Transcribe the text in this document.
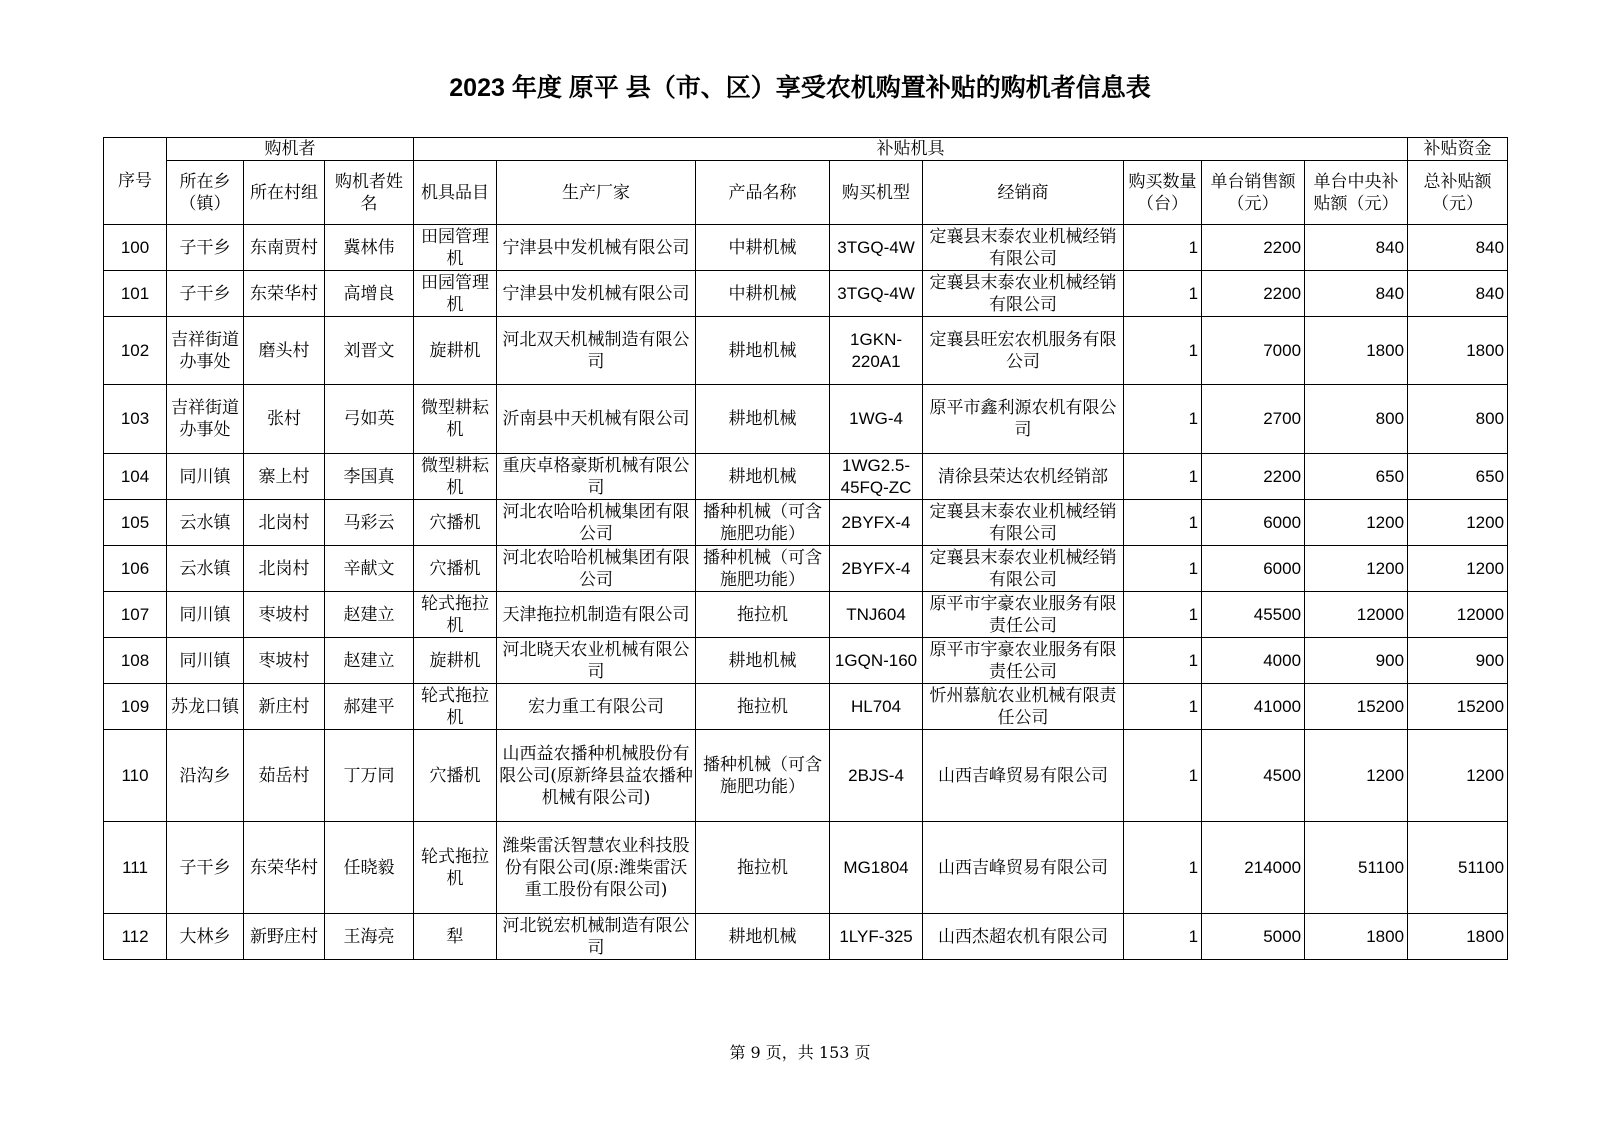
2023 年度 原平 县（市、区）享受农机购置补贴的购机者信息表
序号	购机者			补贴机具								补贴资金
	所在乡（镇）	所在村组	购机者姓名	机具品目	生产厂家	产品名称	购买机型	经销商	购买数量（台）	单台销售额（元）	单台中央补贴额（元）	总补贴额（元）
100	子干乡	东南贾村	冀林伟	田园管理机	宁津县中发机械有限公司	中耕机械	3TGQ-4W	定襄县末泰农业机械经销有限公司	1	2200	840	840
101	子干乡	东荣华村	高增良	田园管理机	宁津县中发机械有限公司	中耕机械	3TGQ-4W	定襄县末泰农业机械经销有限公司	1	2200	840	840
102	吉祥街道办事处	磨头村	刘晋文	旋耕机	河北双天机械制造有限公司	耕地机械	1GKN-220A1	定襄县旺宏农机服务有限公司	1	7000	1800	1800
103	吉祥街道办事处	张村	弓如英	微型耕耘机	沂南县中天机械有限公司	耕地机械	1WG-4	原平市鑫利源农机有限公司	1	2700	800	800
104	同川镇	寨上村	李国真	微型耕耘机	重庆卓格豪斯机械有限公司	耕地机械	1WG2.5-45FQ-ZC	清徐县荣达农机经销部	1	2200	650	650
105	云水镇	北岗村	马彩云	穴播机	河北农哈哈机械集团有限公司	播种机械（可含施肥功能）	2BYFX-4	定襄县末泰农业机械经销有限公司	1	6000	1200	1200
106	云水镇	北岗村	辛献文	穴播机	河北农哈哈机械集团有限公司	播种机械（可含施肥功能）	2BYFX-4	定襄县末泰农业机械经销有限公司	1	6000	1200	1200
107	同川镇	枣坡村	赵建立	轮式拖拉机	天津拖拉机制造有限公司	拖拉机	TNJ604	原平市宇豪农业服务有限责任公司	1	45500	12000	12000
108	同川镇	枣坡村	赵建立	旋耕机	河北晓天农业机械有限公司	耕地机械	1GQN-160	原平市宇豪农业服务有限责任公司	1	4000	900	900
109	苏龙口镇	新庄村	郝建平	轮式拖拉机	宏力重工有限公司	拖拉机	HL704	忻州慕航农业机械有限责任公司	1	41000	15200	15200
110	沿沟乡	茹岳村	丁万同	穴播机	山西益农播种机械股份有限公司(原新绛县益农播种机械有限公司)	播种机械（可含施肥功能）	2BJS-4	山西吉峰贸易有限公司	1	4500	1200	1200
111	子干乡	东荣华村	任晓毅	轮式拖拉机	潍柴雷沃智慧农业科技股份有限公司(原:潍柴雷沃重工股份有限公司)	拖拉机	MG1804	山西吉峰贸易有限公司	1	214000	51100	51100
112	大林乡	新野庄村	王海亮	犁	河北锐宏机械制造有限公司	耕地机械	1LYF-325	山西杰超农机有限公司	1	5000	1800	1800
第 9 页，共 153 页
